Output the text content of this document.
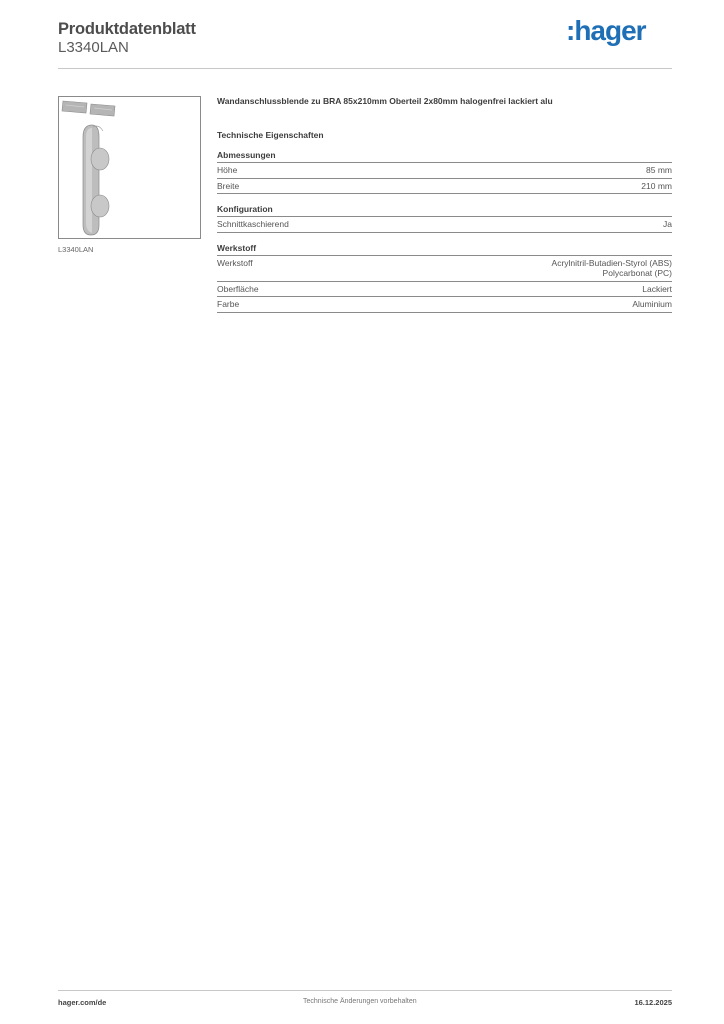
Produktdatenblatt
L3340LAN
:hager
L3340LAN
Wandanschlussblende zu BRA 85x210mm Oberteil 2x80mm halogenfrei lackiert alu
Technische Eigenschaften
Abmessungen
Höhe	85 mm
Breite	210 mm
Konfiguration
Schnittkaschierend	Ja
Werkstoff
Werkstoff	Acrylnitril-Butadien-Styrol (ABS)
Polycarbonat (PC)
Oberfläche	Lackiert
Farbe	Aluminium
hager.com/de	Technische Änderungen vorbehalten	16.12.2025
